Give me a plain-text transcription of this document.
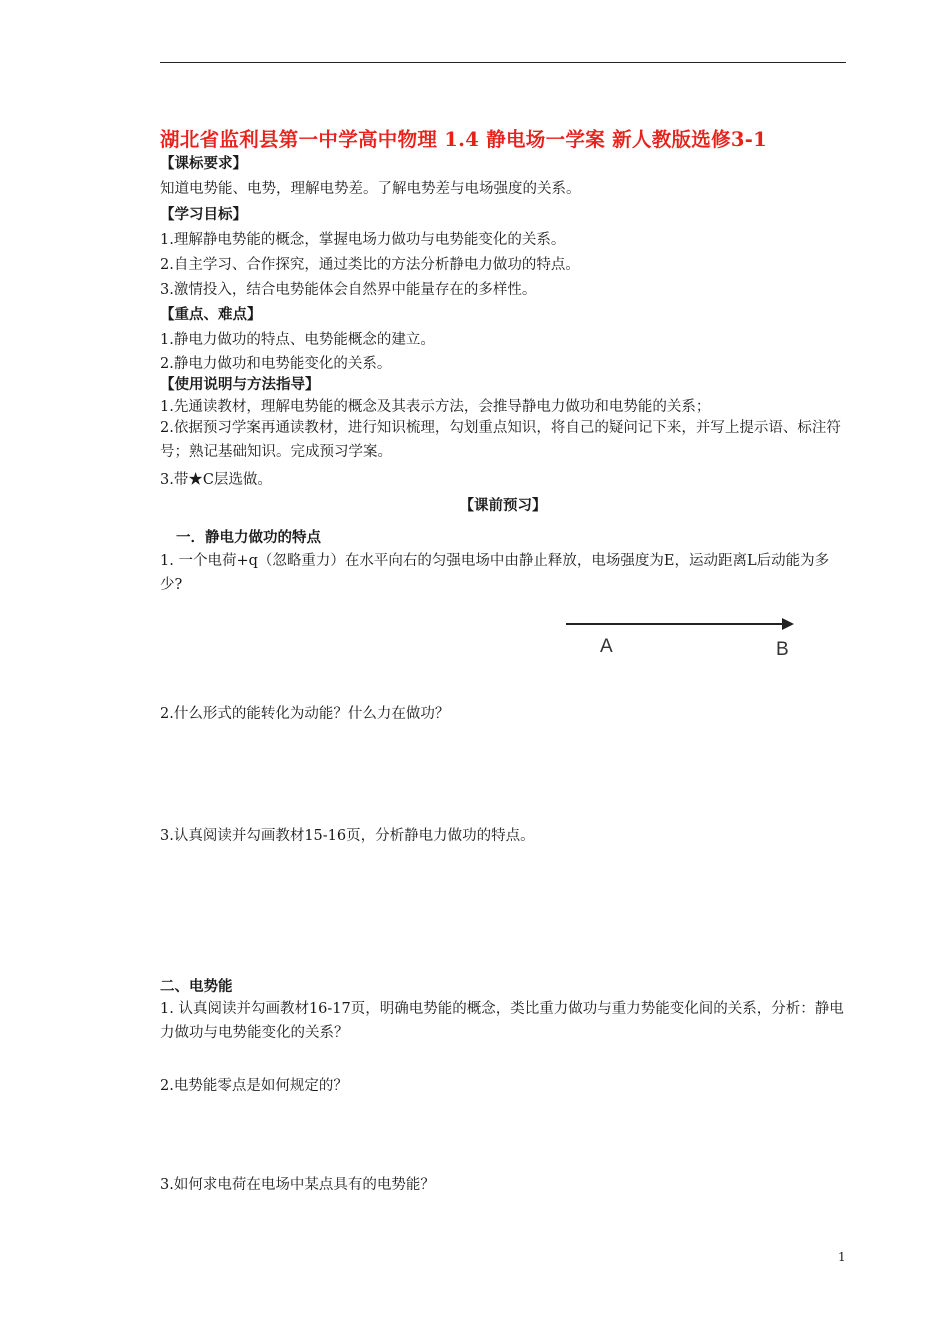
湖北省监利县第一中学高中物理 1.4 静电场一学案 新人教版选修3-1
【课标要求】
知道电势能、电势，理解电势差。了解电势差与电场强度的关系。
【学习目标】
1.理解静电势能的概念，掌握电场力做功与电势能变化的关系。
2.自主学习、合作探究，通过类比的方法分析静电力做功的特点。
3.激情投入，结合电势能体会自然界中能量存在的多样性。
【重点、难点】
1.静电力做功的特点、电势能概念的建立。
2.静电力做功和电势能变化的关系。
【使用说明与方法指导】
1.先通读教材，理解电势能的概念及其表示方法，会推导静电力做功和电势能的关系；
2.依据预习学案再通读教材，进行知识梳理，勾划重点知识，将自己的疑问记下来，并写上提示语、标注符号；熟记基础知识。完成预习学案。
3.带★C层选做。
【课前预习】
一．静电力做功的特点
1. 一个电荷+q（忽略重力）在水平向右的匀强电场中由静止释放，电场强度为E，运动距离L后动能为多少?
A	B
2.什么形式的能转化为动能？什么力在做功？
3.认真阅读并勾画教材15-16页，分析静电力做功的特点。
二、电势能
1. 认真阅读并勾画教材16-17页，明确电势能的概念，类比重力做功与重力势能变化间的关系，分析：静电力做功与电势能变化的关系？
2.电势能零点是如何规定的？
3.如何求电荷在电场中某点具有的电势能？
1
